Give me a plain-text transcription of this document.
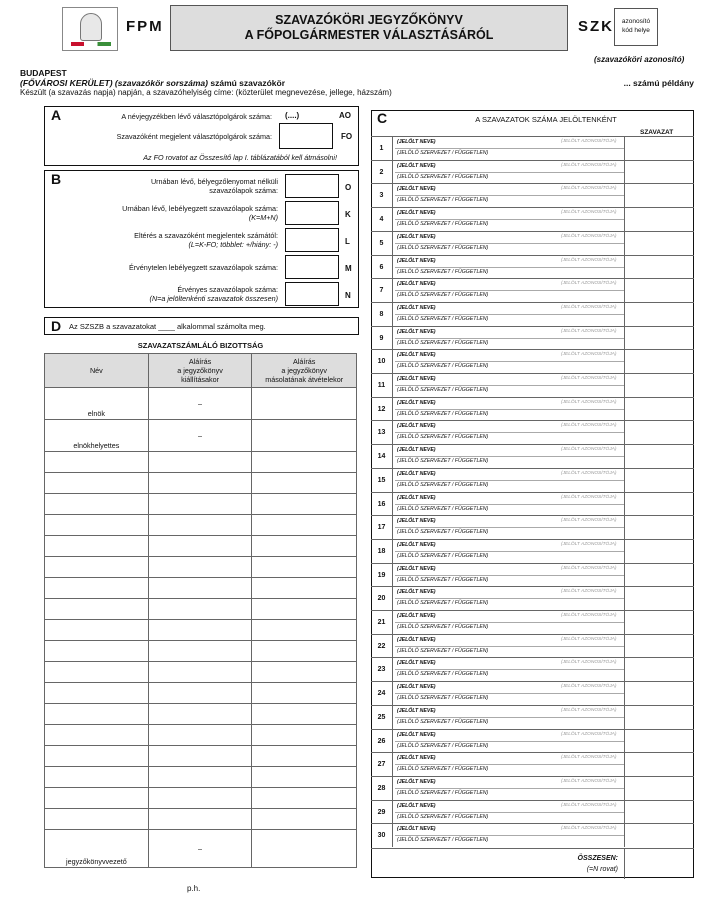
FPM	SZAVAZÓKÖRI JEGYZŐKÖNYV
A FŐPOLGÁRMESTER VÁLASZTÁSÁRÓL	SZK	azonosító
kód helye
(szavazóköri azonosító)
BUDAPEST
(FŐVÁROSI KERÜLET) (szavazókör sorszáma) számú szavazókör	... számú példány
Készült (a szavazás napja) napján, a szavazóhelyiség címe: (közterület megnevezése, jellege, házszám)
A	A névjegyzékben lévő választópolgárok száma: (....)	AO
Szavazóként megjelent választópolgárok száma:	FO
Az FO rovatot az Összesítő lap I. táblázatából kell átmásolni!
B	Urnában lévő, bélyegzőlenyomat nélküli
szavazólapok száma:	O
Urnában lévő, lebélyegzett szavazólapok száma:
(K=M+N)	K
Eltérés a szavazóként megjelentek számától:
(L=K-FO; többlet: +/hiány: -)	L
Érvénytelen lebélyegzett szavazólapok száma:	M
Érvényes szavazólapok száma:
(N=a jelöltenkénti szavazatok összesen)	N
D Az SZSZB a szavazatokat ____ alkalommal számolta meg.
SZAVAZATSZÁMLÁLÓ BIZOTTSÁG
Név	Aláírás
a jegyzőkönyv
kiállításakor	Aláírás
a jegyzőkönyv
másolatának átvételekor
elnök	–	
elnökhelyettes	–	

jegyzőkönyvvezető	–	
C	A SZAVAZATOK SZÁMA JELÖLTENKÉNT
SZAVAZAT
1
(JELÖLT NEVE)
(JELÖLŐ SZERVEZET / FÜGGETLEN)
(JELÖLT AZONOSÍTÓJA)
2
(JELÖLT NEVE)
(JELÖLŐ SZERVEZET / FÜGGETLEN)
(JELÖLT AZONOSÍTÓJA)
3
(JELÖLT NEVE)
(JELÖLŐ SZERVEZET / FÜGGETLEN)
(JELÖLT AZONOSÍTÓJA)
4
(JELÖLT NEVE)
(JELÖLŐ SZERVEZET / FÜGGETLEN)
(JELÖLT AZONOSÍTÓJA)
5
(JELÖLT NEVE)
(JELÖLŐ SZERVEZET / FÜGGETLEN)
(JELÖLT AZONOSÍTÓJA)
6
(JELÖLT NEVE)
(JELÖLŐ SZERVEZET / FÜGGETLEN)
(JELÖLT AZONOSÍTÓJA)
7
(JELÖLT NEVE)
(JELÖLŐ SZERVEZET / FÜGGETLEN)
(JELÖLT AZONOSÍTÓJA)
8
(JELÖLT NEVE)
(JELÖLŐ SZERVEZET / FÜGGETLEN)
(JELÖLT AZONOSÍTÓJA)
9
(JELÖLT NEVE)
(JELÖLŐ SZERVEZET / FÜGGETLEN)
(JELÖLT AZONOSÍTÓJA)
10
(JELÖLT NEVE)
(JELÖLŐ SZERVEZET / FÜGGETLEN)
(JELÖLT AZONOSÍTÓJA)
11
(JELÖLT NEVE)
(JELÖLŐ SZERVEZET / FÜGGETLEN)
(JELÖLT AZONOSÍTÓJA)
12
(JELÖLT NEVE)
(JELÖLŐ SZERVEZET / FÜGGETLEN)
(JELÖLT AZONOSÍTÓJA)
13
(JELÖLT NEVE)
(JELÖLŐ SZERVEZET / FÜGGETLEN)
(JELÖLT AZONOSÍTÓJA)
14
(JELÖLT NEVE)
(JELÖLŐ SZERVEZET / FÜGGETLEN)
(JELÖLT AZONOSÍTÓJA)
15
(JELÖLT NEVE)
(JELÖLŐ SZERVEZET / FÜGGETLEN)
(JELÖLT AZONOSÍTÓJA)
16
(JELÖLT NEVE)
(JELÖLŐ SZERVEZET / FÜGGETLEN)
(JELÖLT AZONOSÍTÓJA)
17
(JELÖLT NEVE)
(JELÖLŐ SZERVEZET / FÜGGETLEN)
(JELÖLT AZONOSÍTÓJA)
18
(JELÖLT NEVE)
(JELÖLŐ SZERVEZET / FÜGGETLEN)
(JELÖLT AZONOSÍTÓJA)
19
(JELÖLT NEVE)
(JELÖLŐ SZERVEZET / FÜGGETLEN)
(JELÖLT AZONOSÍTÓJA)
20
(JELÖLT NEVE)
(JELÖLŐ SZERVEZET / FÜGGETLEN)
(JELÖLT AZONOSÍTÓJA)
21
(JELÖLT NEVE)
(JELÖLŐ SZERVEZET / FÜGGETLEN)
(JELÖLT AZONOSÍTÓJA)
22
(JELÖLT NEVE)
(JELÖLŐ SZERVEZET / FÜGGETLEN)
(JELÖLT AZONOSÍTÓJA)
23
(JELÖLT NEVE)
(JELÖLŐ SZERVEZET / FÜGGETLEN)
(JELÖLT AZONOSÍTÓJA)
24
(JELÖLT NEVE)
(JELÖLŐ SZERVEZET / FÜGGETLEN)
(JELÖLT AZONOSÍTÓJA)
25
(JELÖLT NEVE)
(JELÖLŐ SZERVEZET / FÜGGETLEN)
(JELÖLT AZONOSÍTÓJA)
26
(JELÖLT NEVE)
(JELÖLŐ SZERVEZET / FÜGGETLEN)
(JELÖLT AZONOSÍTÓJA)
27
(JELÖLT NEVE)
(JELÖLŐ SZERVEZET / FÜGGETLEN)
(JELÖLT AZONOSÍTÓJA)
28
(JELÖLT NEVE)
(JELÖLŐ SZERVEZET / FÜGGETLEN)
(JELÖLT AZONOSÍTÓJA)
29
(JELÖLT NEVE)
(JELÖLŐ SZERVEZET / FÜGGETLEN)
(JELÖLT AZONOSÍTÓJA)
30
(JELÖLT NEVE)
(JELÖLŐ SZERVEZET / FÜGGETLEN)
(JELÖLT AZONOSÍTÓJA)
ÖSSZESEN:
(=N rovat)
p.h.
